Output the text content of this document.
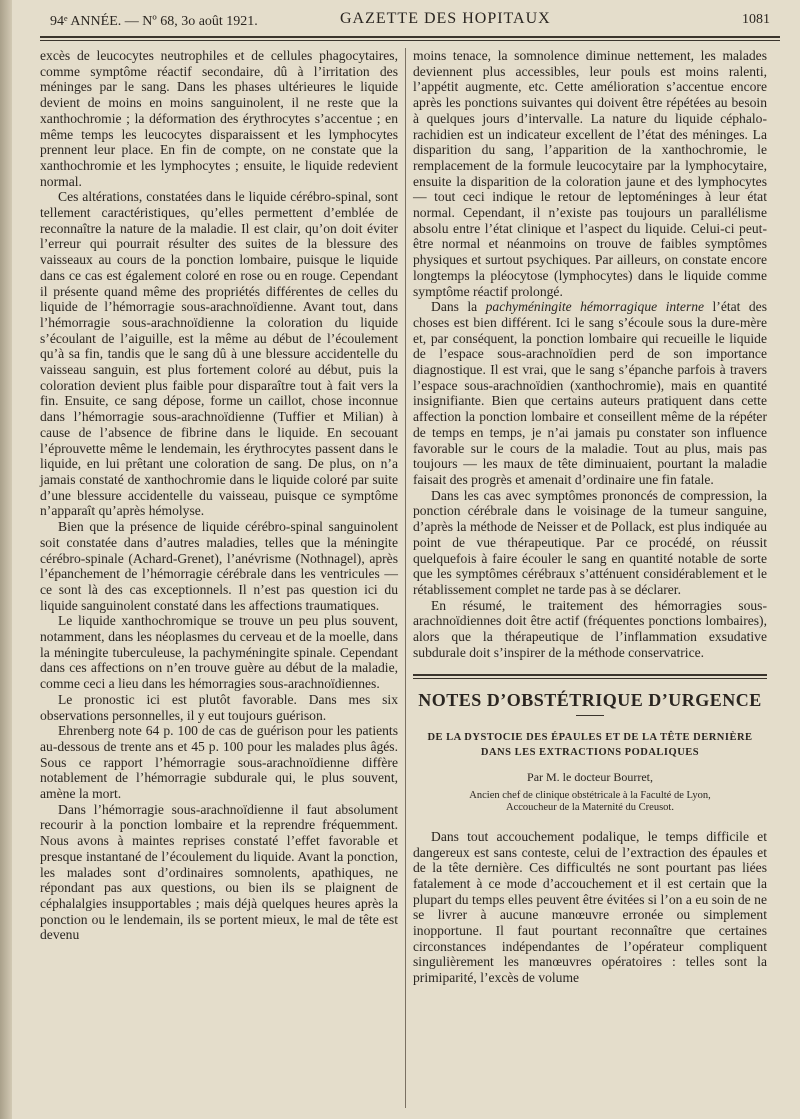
94ᵉ ANNÉE. — Nº 68, 3o août 1921.	GAZETTE DES HOPITAUX	1081

excès de leucocytes neutrophiles et de cellules phagocytaires, comme symptôme réactif secondaire, dû à l’irritation des méninges par le sang. Dans les phases ultérieures le liquide devient de moins en moins sanguinolent, il ne reste que la xanthochromie ; la déformation des érythrocytes s’accentue ; en même temps les leucocytes disparaissent et les lymphocytes prennent leur place. En fin de compte, on ne constate que la xanthochromie et les lymphocytes ; ensuite, le liquide redevient normal.

Ces altérations, constatées dans le liquide cérébro-spinal, sont tellement caractéristiques, qu’elles permettent d’emblée de reconnaître la nature de la maladie. Il est clair, qu’on doit éviter l’erreur qui pourrait résulter des suites de la blessure des vaisseaux au cours de la ponction lombaire, puisque le liquide dans ce cas est également coloré en rose ou en rouge. Cependant il présente quand même des propriétés différentes de celles du liquide de l’hémorragie sous-arachnoïdienne. Avant tout, dans l’hémorragie sous-arachnoïdienne la coloration du liquide s’écoulant de l’aiguille, est la même au début de l’écoulement qu’à sa fin, tandis que le sang dû à une blessure accidentelle du vaisseau sanguin, est plus fortement coloré au début, puis la coloration devient plus faible pour disparaître tout à fait vers la fin. Ensuite, ce sang dépose, forme un caillot, chose inconnue dans l’hémorragie sous-arachnoïdienne (Tuffier et Milian) à cause de l’absence de fibrine dans le liquide. En secouant l’éprouvette même le lendemain, les érythrocytes passent dans le liquide, en lui prêtant une coloration de sang. De plus, on n’a jamais constaté de xanthochromie dans le liquide coloré par suite d’une blessure accidentelle du vaisseau, puisque ce symptôme n’apparaît qu’après hémolyse.

Bien que la présence de liquide cérébro-spinal sanguinolent soit constatée dans d’autres maladies, telles que la méningite cérébro-spinale (Achard-Grenet), l’anévrisme (Nothnagel), après l’épanchement de l’hémorragie cérébrale dans les ventricules — ce sont là des cas exceptionnels. Il n’est pas question ici du liquide sanguinolent constaté dans les affections traumatiques.

Le liquide xanthochromique se trouve un peu plus souvent, notamment, dans les néoplasmes du cerveau et de la moelle, dans la méningite tuberculeuse, la pachyméningite spinale. Cependant dans ces affections on n’en trouve guère au début de la maladie, comme ceci a lieu dans les hémorragies sous-arachnoïdiennes.

Le pronostic ici est plutôt favorable. Dans mes six observations personnelles, il y eut toujours guérison.

Ehrenberg note 64 p. 100 de cas de guérison pour les patients au-dessous de trente ans et 45 p. 100 pour les malades plus âgés. Sous ce rapport l’hémorragie sous-arachnoïdienne diffère notablement de l’hémorragie subdurale qui, le plus souvent, amène la mort.

Dans l’hémorragie sous-arachnoïdienne il faut absolument recourir à la ponction lombaire et la reprendre fréquemment. Nous avons à maintes reprises constaté l’effet favorable et presque instantané de l’écoulement du liquide. Avant la ponction, les malades sont d’ordinaires somnolents, apathiques, ne répondant pas aux questions, ou bien ils se plaignent de céphalalgies insupportables ; mais déjà quelques heures après la ponction ou le lendemain, ils se portent mieux, le mal de tête est devenu

moins tenace, la somnolence diminue nettement, les malades deviennent plus accessibles, leur pouls est moins ralenti, l’appétit augmente, etc. Cette amélioration s’accentue encore après les ponctions suivantes qui doivent être répétées au besoin à quelques jours d’intervalle. La nature du liquide céphalo-rachidien est un indicateur excellent de l’état des méninges. La disparition du sang, l’apparition de la xanthochromie, le remplacement de la formule leucocytaire par la lymphocytaire, ensuite la disparition de la coloration jaune et des lymphocytes — tout ceci indique le retour de leptoméninges à leur état normal. Cependant, il n’existe pas toujours un parallélisme absolu entre l’état clinique et l’aspect du liquide. Celui-ci peut-être normal et néanmoins on trouve de faibles symptômes physiques et surtout psychiques. Par ailleurs, on constate encore longtemps la pléocytose (lymphocytes) dans le liquide comme symptôme réactif prolongé.

Dans la pachyméningite hémorragique interne l’état des choses est bien différent. Ici le sang s’écoule sous la dure-mère et, par conséquent, la ponction lombaire qui recueille le liquide de l’espace sous-arachnoïdien perd de son importance diagnostique. Il est vrai, que le sang s’épanche parfois à travers l’espace sous-arachnoïdien (xanthochromie), mais en quantité insignifiante. Bien que certains auteurs pratiquent dans cette affection la ponction lombaire et conseillent même de la répéter de temps en temps, je n’ai jamais pu constater son influence favorable sur le cours de la maladie. Tout au plus, mais pas toujours — les maux de tête diminuaient, pourtant la maladie faisait des progrès et amenait d’ordinaire une fin fatale.

Dans les cas avec symptômes prononcés de compression, la ponction cérébrale dans le voisinage de la tumeur sanguine, d’après la méthode de Neisser et de Pollack, est plus indiquée au point de vue thérapeutique. Par ce procédé, on réussit quelquefois à faire écouler le sang en quantité notable de sorte que les symptômes cérébraux s’atténuent considérablement et le rétablissement complet ne tarde pas à se déclarer.

En résumé, le traitement des hémorragies sous-arachnoïdiennes doit être actif (fréquentes ponctions lombaires), alors que la thérapeutique de l’inflammation exsudative subdurale doit s’inspirer de la méthode conservatrice.

NOTES D’OBSTÉTRIQUE D’URGENCE
DE LA DYSTOCIE DES ÉPAULES ET DE LA TÊTE DERNIÈRE
DANS LES EXTRACTIONS PODALIQUES
Par M. le docteur Bourret,
Ancien chef de clinique obstétricale à la Faculté de Lyon,
Accoucheur de la Maternité du Creusot.

Dans tout accouchement podalique, le temps difficile et dangereux est sans conteste, celui de l’extraction des épaules et de la tête dernière. Ces difficultés ne sont pourtant pas liées fatalement à ce mode d’accouchement et il est certain que la plupart du temps elles peuvent être évitées si l’on a eu soin de ne se livrer à aucune manœuvre erronée ou simplement inopportune. Il faut pourtant reconnaître que certaines circonstances indépendantes de l’opérateur compliquent singulièrement les manœuvres opératoires : telles sont la primiparité, l’excès de volume
